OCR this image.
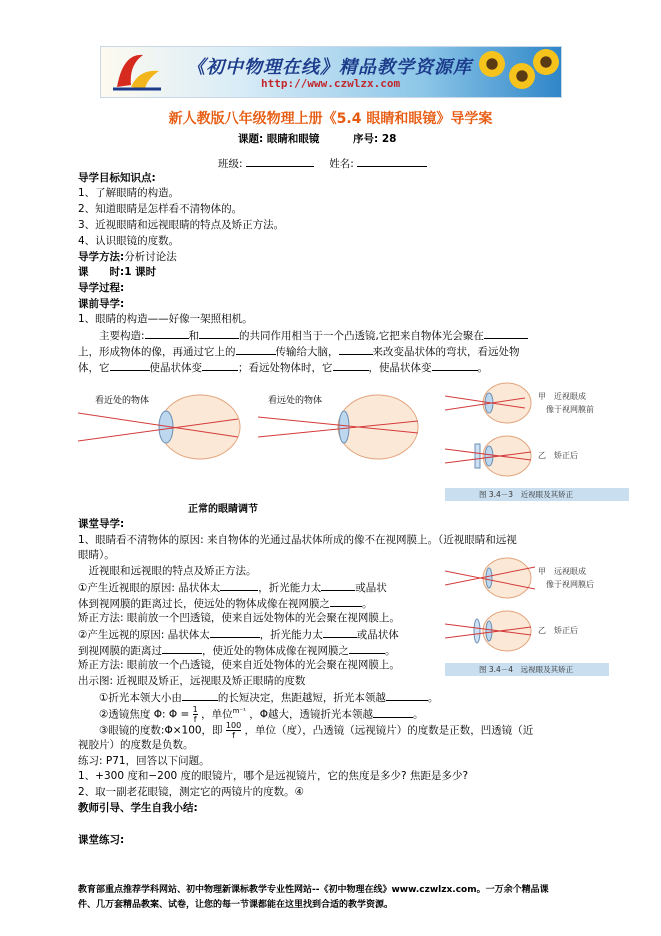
《初中物理在线》精品教学资源库
http://www.czwlzx.com
新人教版八年级物理上册《5.4 眼睛和眼镜》导学案
课题: 眼睛和眼镜	序号: 28
班级:	姓名:
导学目标知识点:
1、了解眼睛的构造。
2、知道眼睛是怎样看不清物体的。
3、近视眼睛和远视眼睛的特点及矫正方法。
4、认识眼镜的度数。
导学方法:分析讨论法
课　　时:1 课时
导学过程:
课前导学:
1、眼睛的构造——好像一架照相机。
　　主要构造:	和	的共同作用相当于一个凸透镜,它把来自物体光会聚在
上，形成物体的像，再通过它上的	传输给大脑，	来改变晶状体的弯状，看远处物
体，它	使晶状体变	；看远处物体时，它	，使晶状体变	。
看近处的物体	看远处的物体
正常的眼睛调节
甲　近视眼成
像于视网膜前
乙　矫正后
图 3.4－3　近视眼及其矫正
甲　远视眼成
像于视网膜后
乙　矫正后
图 3.4－4　远视眼及其矫正
课堂导学:
1、眼睛看不清物体的原因: 来自物体的光通过晶状体所成的像不在视网膜上。（近视眼睛和远视
眼睛）。
　近视眼和远视眼的特点及矫正方法。
①产生近视眼的原因: 晶状体太	，折光能力太	或晶状
体到视网膜的距离过长，使远处的物体成像在视网膜之	。
矫正方法: 眼前放一个凹透镜，使来自远处物体的光会聚在视网膜上。
②产生远视的原因: 晶状体太	，折光能力太	或晶状体
到视网膜的距离过	，使近处的物体成像在视网膜之	。
矫正方法: 眼前放一个凸透镜，使来自近处物体的光会聚在视网膜上。
出示图: 近视眼及矫正，远视眼及矫正眼睛的度数
　　①折光本领大小由	的长短决定，焦距越短，折光本领越	。
　　②透镜焦度 Φ: $\Phi = \frac{1}{f}$ ，单位$^{m^{-1}}$ ，Φ越大，透镜折光本领越	。
　　③眼镜的度数:Φ×100，即 $\frac{100}{f}$ ，单位（度），凸透镜（远视镜片）的度数是正数，凹透镜（近
视胶片）的度数是负数。
练习: P71，回答以下问题。
1、+300 度和−200 度的眼镜片，哪个是远视镜片，它的焦度是多少? 焦距是多少?
2、取一副老花眼镜，测定它的两镜片的度数。④
教师引导、学生自我小结:
课堂练习:
教育部重点推荐学科网站、初中物理新课标教学专业性网站--《初中物理在线》www.czwlzx.com。一万余个精品课
件、几万套精品教案、试卷，让您的每一节课都能在这里找到合适的教学资源。
